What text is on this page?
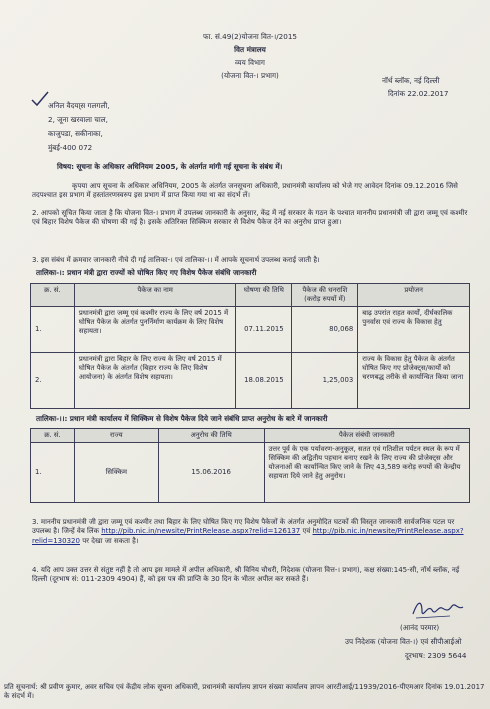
फा. सं.49(2)योजना वित-।/2015
वित मंत्रालय
व्यय विभाग
(योजना वित-। प्रभाग)
नॉर्थ ब्लॉक, नई दिल्ली
दिनांक 22.02.2017
अनिल वैदया्स गलगली,
2, जूना खरवाला चाल,
काजुपडा, सकीनाका,
मुंबई-400 072
विषय: सूचना के अधिकार अधिनियम 2005, के अंतर्गत मांगी गई सूचना के संबंध में।
कृपया आप सूचना के अधिकार अधिनियम, 2005 के अंतर्गत जनसूचना अधिकारी, प्रधानमंत्री कार्यालय को भेजे गए आवेदन दिनांक 09.12.2016 जिसे तदपश्चात इस प्रभाग में हस्तांतरणस्वरुप इस प्रभाग में प्राप्त किया गया था का संदर्भ लें।
2. आपको सूचित किया जाता है कि योजना वित-। प्रभाग में उपलब्ध जानकारी के अनुसार, केंद्र में नई सरकार के गठन के पश्चात माननीय प्रधानमंत्री जी द्वारा जम्मू एवं कश्मीर एवं बिहार विशेष पैकेज की घोषणा की गई है। इसके अतिरिक्त सिक्किम सरकार से विशेष पैकेज देने का अनुरोध प्राप्त हुआ।
3. इस संबंध में क्रमवार जानकारी नीचे दी गई तालिका-। एवं तालिका-।। में आपके सूचनार्थ उपलब्ध कराई जाती है।
तालिका-।: प्रधान मंत्री द्वारा राज्यों को घोषित किए गए विशेष पैकेज संबंधि जानकारी
क्र. सं.	पैकेज का नाम	घोषणा की तिथि	पैकेज की धनराशि (करोड़ रुपयों में)	प्रयोजन
1.	प्रधानमंत्री द्वारा जम्मू एवं कश्मीर राज्य के लिए वर्ष 2015 में घोषित पैकेज के अंतर्गत पुनर्निर्माण कार्यक्रम के लिए विशेष सहायता।	07.11.2015	80,068	बाढ़ उपरांत राहत कार्यों, दीर्घकालिक पुनर्वास एवं राज्य के विकास हेतु
2.	प्रधानमंत्री द्वारा बिहार के लिए राज्य के लिए वर्ष 2015 में घोषित पैकेज के अंतर्गत (बिहार राज्य के लिए विशेष आयोजना) के अंतर्गत विशेष सहायता।	18.08.2015	1,25,003	राज्य के विकास हेतु पैकेज के अंतर्गत घोषित किए गए प्रोजेक्ट्स/कार्यों को चरणबद्ध तरीके से कार्यान्वित किया जाना
तालिका-।।: प्रधान मंत्री कार्यालय में सिक्किम से विशेष पैकेज दिये जाने संबंधि प्राप्त अनुरोध के बारे में जानकारी
क्र. सं.	राज्य	अनुरोध की तिथि	पैकेज संबंधी जानकारी
1.	सिक्किम	15.06.2016	उत्तर पूर्व के एक पर्यावरण-अनुकूल, सतत एवं गतिशील पर्यटन स्थल के रूप में सिक्किम की अद्वितीय पहचान बनाए रखने के लिए राज्य की प्रोजेक्ट्स और योजनाओं की कार्यान्वित किए जाने के लिए 43,589 करोड़ रुपयों की केन्द्रीय सहायता दिये जाने हेतु अनुरोध।
3. माननीय प्रधानमंत्री जी द्वारा जम्मू एवं कश्मीर तथा बिहार के लिए घोषित किए गए विशेष पैकेजों के अंतर्गत अनुमोदित घटकों की विस्तृत जानकारी सार्वजनिक पटल पर उपलब्ध है। जिन्हें वेब लिंक http://pib.nic.in/newsite/PrintRelease.aspx?relid=126137 एवं http://pib.nic.in/newsite/PrintRelease.aspx?relid=130320 पर देखा जा सकता है।
4. यदि आप उक्त उत्तर से संतुष्ट नहीं है तो आप इस मामले में अपील अधिकारी, श्री विनिय चौधरी, निदेशक (योजना वित्त-। प्रभाग), कक्ष संख्या:145-सी, नॉर्थ ब्लॉक, नई दिल्ली (दूरभाष सं: 011-2309 4904) हैं, को इस पत्र की प्राप्ति के 30 दिन के भीतर अपील कर सकते हैं।
(आनंद परमार)
उप निदेशक (योजना वित-।) एवं सीपीआईओ
दूरभाष: 2309 5644
प्रति सूचनार्थ: श्री प्रवीण कुमार, अवर सचिव एवं केंद्रीय लोक सूचना अधिकारी, प्रधानमंत्री कार्यालय ज्ञापन संख्या कार्यालय ज्ञापन आरटीआई/11939/2016-पीएमआर दिनांक 19.01.2017 के संदर्भ में।
